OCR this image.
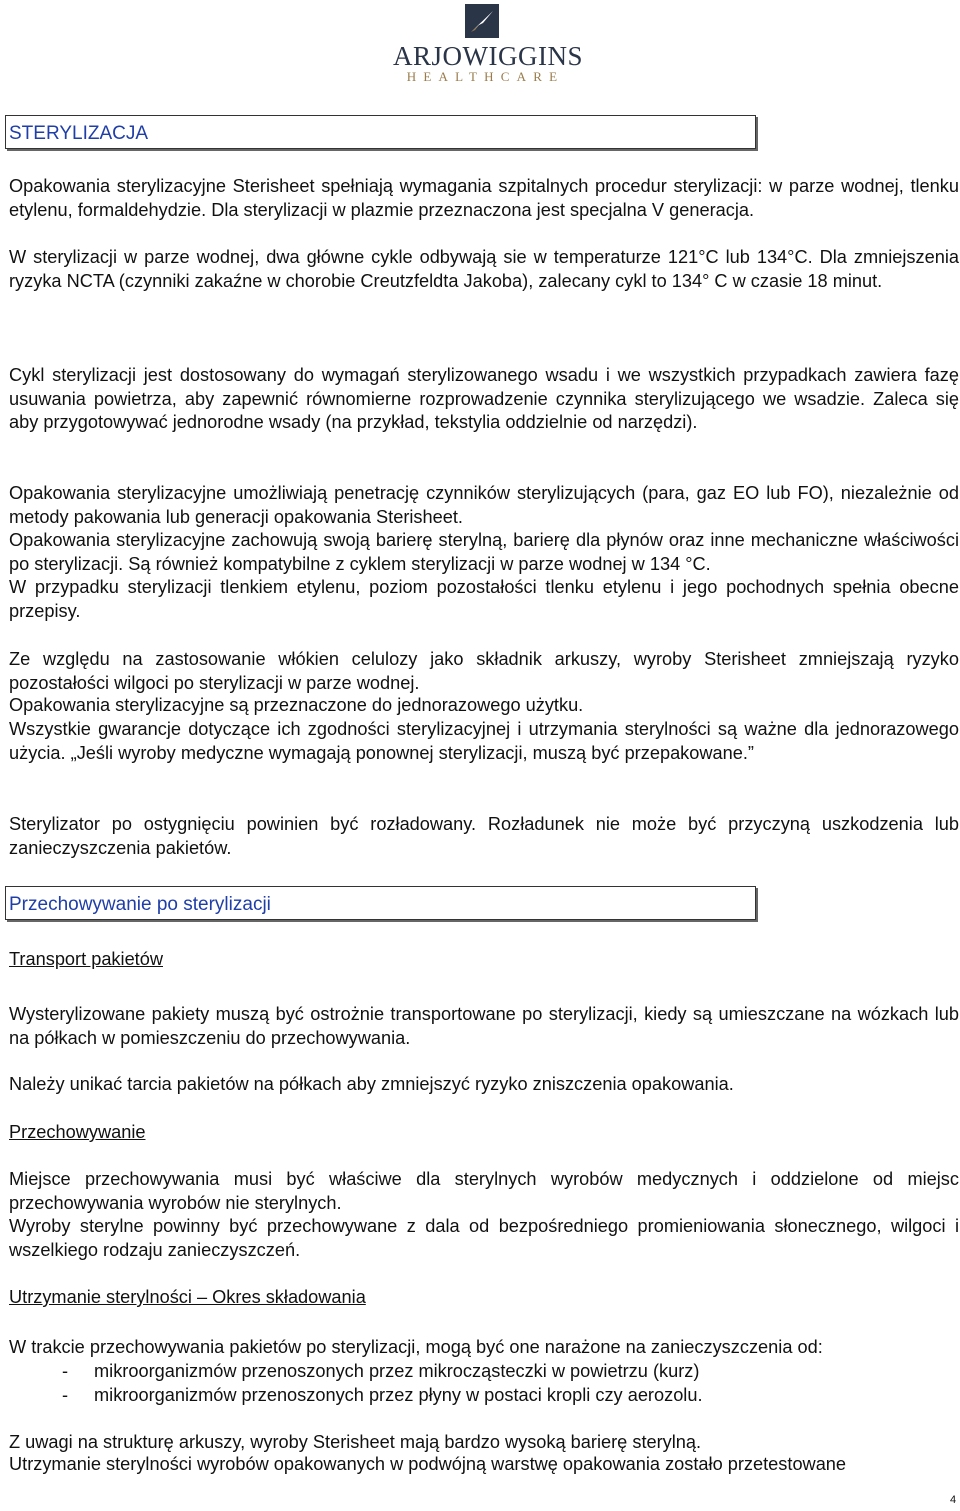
ARJOWIGGINS
HEALTHCARE
STERYLIZACJA

Opakowania sterylizacyjne Sterisheet spełniają wymagania szpitalnych procedur sterylizacji: w parze wodnej, tlenku etylenu, formaldehydzie. Dla sterylizacji w plazmie przeznaczona jest specjalna V generacja.

W sterylizacji w parze wodnej, dwa główne cykle odbywają sie w temperaturze 121°C lub 134°C. Dla zmniejszenia ryzyka NCTA (czynniki zakaźne w chorobie Creutzfeldta Jakoba), zalecany cykl to 134° C w czasie 18 minut.

Cykl sterylizacji jest dostosowany do wymagań sterylizowanego wsadu i we wszystkich przypadkach zawiera fazę usuwania powietrza, aby zapewnić równomierne rozprowadzenie czynnika sterylizującego we wsadzie. Zaleca się aby przygotowywać jednorodne wsady (na przykład, tekstylia oddzielnie od narzędzi).

Opakowania sterylizacyjne umożliwiają penetrację czynników sterylizujących (para, gaz EO lub FO), niezależnie od metody pakowania lub generacji opakowania Sterisheet.

Opakowania sterylizacyjne zachowują swoją barierę sterylną, barierę dla płynów oraz inne mechaniczne właściwości po sterylizacji. Są również kompatybilne z cyklem sterylizacji w parze wodnej w 134 °C.

W przypadku sterylizacji tlenkiem etylenu, poziom pozostałości tlenku etylenu i jego pochodnych spełnia obecne przepisy.

Ze względu na zastosowanie włókien celulozy jako składnik arkuszy, wyroby Sterisheet zmniejszają ryzyko pozostałości wilgoci po sterylizacji w parze wodnej.

Opakowania sterylizacyjne są przeznaczone do jednorazowego użytku.

Wszystkie gwarancje dotyczące ich zgodności sterylizacyjnej i utrzymania sterylności są ważne dla jednorazowego użycia. „Jeśli wyroby medyczne wymagają ponownej sterylizacji, muszą być przepakowane.”

Sterylizator po ostygnięciu powinien być rozładowany. Rozładunek nie może być przyczyną uszkodzenia lub zanieczyszczenia pakietów.

Przechowywanie po sterylizacji

Transport pakietów

Wysterylizowane pakiety muszą być ostrożnie transportowane po sterylizacji, kiedy są umieszczane na wózkach lub na półkach w pomieszczeniu do przechowywania.

Należy unikać tarcia pakietów na półkach aby zmniejszyć ryzyko zniszczenia opakowania.

Przechowywanie

Miejsce przechowywania musi być właściwe dla sterylnych wyrobów medycznych i oddzielone od miejsc przechowywania wyrobów nie sterylnych.

Wyroby sterylne powinny być przechowywane z dala od bezpośredniego promieniowania słonecznego, wilgoci i wszelkiego rodzaju zanieczyszczeń.

Utrzymanie sterylności – Okres składowania

W trakcie przechowywania pakietów po sterylizacji, mogą być one narażone na zanieczyszczenia od:

- mikroorganizmów przenoszonych przez mikrocząsteczki w powietrzu (kurz)
- mikroorganizmów przenoszonych przez płyny w postaci kropli czy aerozolu.

Z uwagi na strukturę arkuszy, wyroby Sterisheet mają bardzo wysoką barierę sterylną.

Utrzymanie sterylności wyrobów opakowanych w podwójną warstwę opakowania zostało przetestowane

4
